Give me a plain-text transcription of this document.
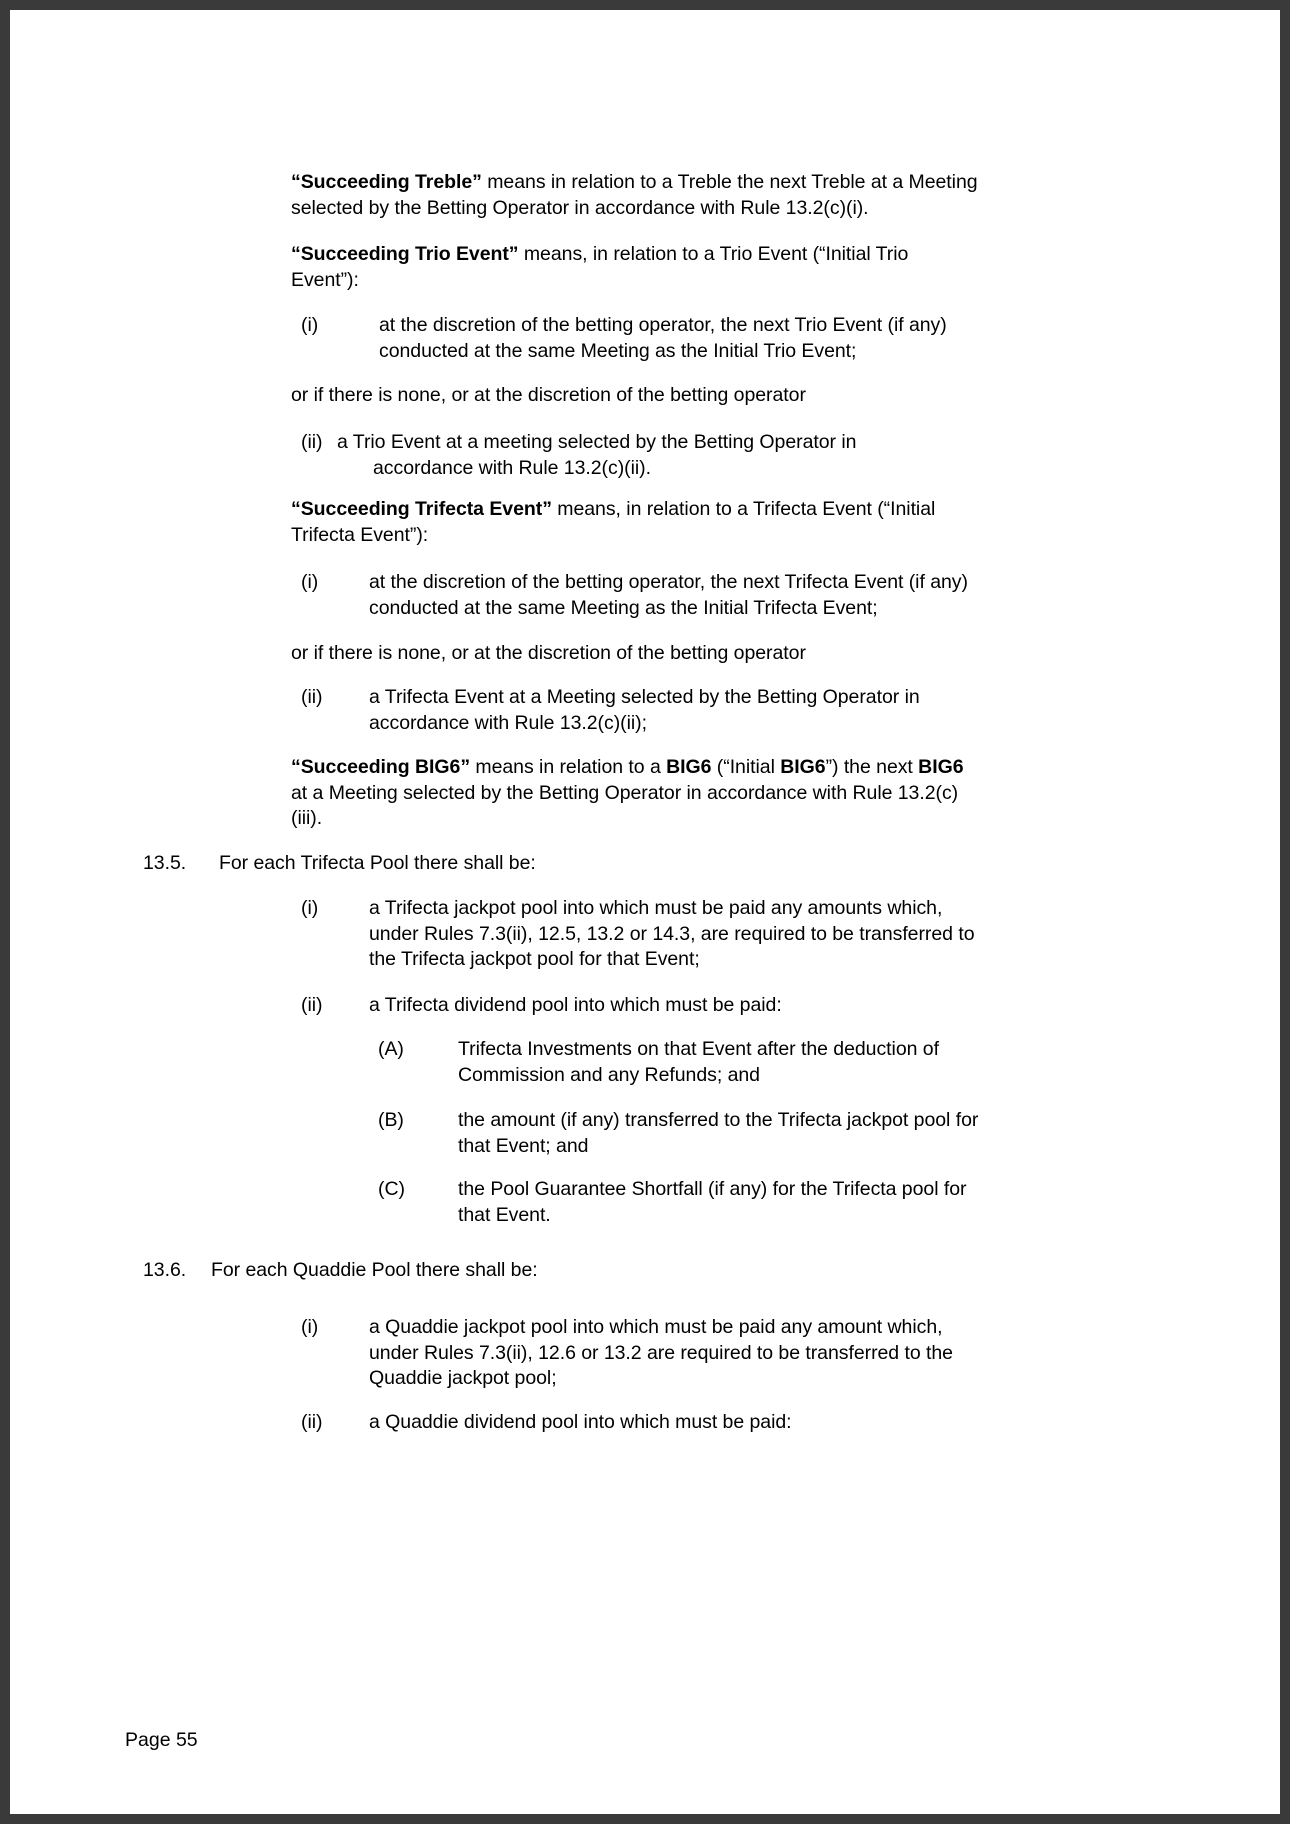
“Succeeding Treble” means in relation to a Treble the next Treble at a Meeting selected by the Betting Operator in accordance with Rule 13.2(c)(i).
“Succeeding Trio Event” means, in relation to a Trio Event (“Initial Trio Event”):
(i)	at the discretion of the betting operator, the next Trio Event (if any) conducted at the same Meeting as the Initial Trio Event;
or if there is none, or at the discretion of the betting operator
(ii) a Trio Event at a meeting selected by the Betting Operator in accordance with Rule 13.2(c)(ii).
“Succeeding Trifecta Event” means, in relation to a Trifecta Event (“Initial Trifecta Event”):
(i)	at the discretion of the betting operator, the next Trifecta Event (if any) conducted at the same Meeting as the Initial Trifecta Event;
or if there is none, or at the discretion of the betting operator
(ii)	a Trifecta Event at a Meeting selected by the Betting Operator in accordance with Rule 13.2(c)(ii);
“Succeeding BIG6” means in relation to a BIG6 (“Initial BIG6”) the next BIG6 at a Meeting selected by the Betting Operator in accordance with Rule 13.2(c)(iii).
13.5.	For each Trifecta Pool there shall be:
(i)	a Trifecta jackpot pool into which must be paid any amounts which, under Rules 7.3(ii), 12.5, 13.2 or 14.3, are required to be transferred to the Trifecta jackpot pool for that Event;
(ii)	a Trifecta dividend pool into which must be paid:
(A)	Trifecta Investments on that Event after the deduction of Commission and any Refunds; and
(B)	the amount (if any) transferred to the Trifecta jackpot pool for that Event; and
(C)	the Pool Guarantee Shortfall (if any) for the Trifecta pool for that Event.
13.6.	For each Quaddie Pool there shall be:
(i)	a Quaddie jackpot pool into which must be paid any amount which, under Rules 7.3(ii), 12.6 or 13.2 are required to be transferred to the Quaddie jackpot pool;
(ii)	a Quaddie dividend pool into which must be paid:
Page 55
